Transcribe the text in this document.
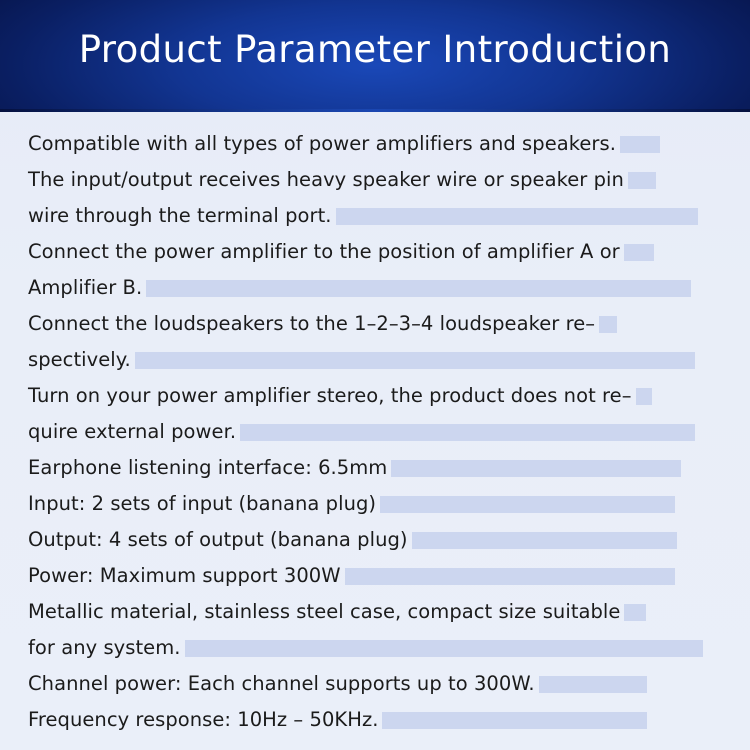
Product Parameter Introduction

Compatible with all types of power amplifiers and speakers.

The input/output receives heavy speaker wire or speaker pin
wire through the terminal port.

Connect the power amplifier to the position of amplifier A or
Amplifier B.

Connect the loudspeakers to the 1–2–3–4 loudspeaker re–
spectively.

Turn on your power amplifier stereo, the product does not re–
quire external power.

Earphone listening interface: 6.5mm

Input: 2 sets of input (banana plug)

Output: 4 sets of output (banana plug)

Power: Maximum support 300W

Metallic material, stainless steel case, compact size suitable
for any system.

Channel power: Each channel supports up to 300W.

Frequency response: 10Hz – 50KHz.
